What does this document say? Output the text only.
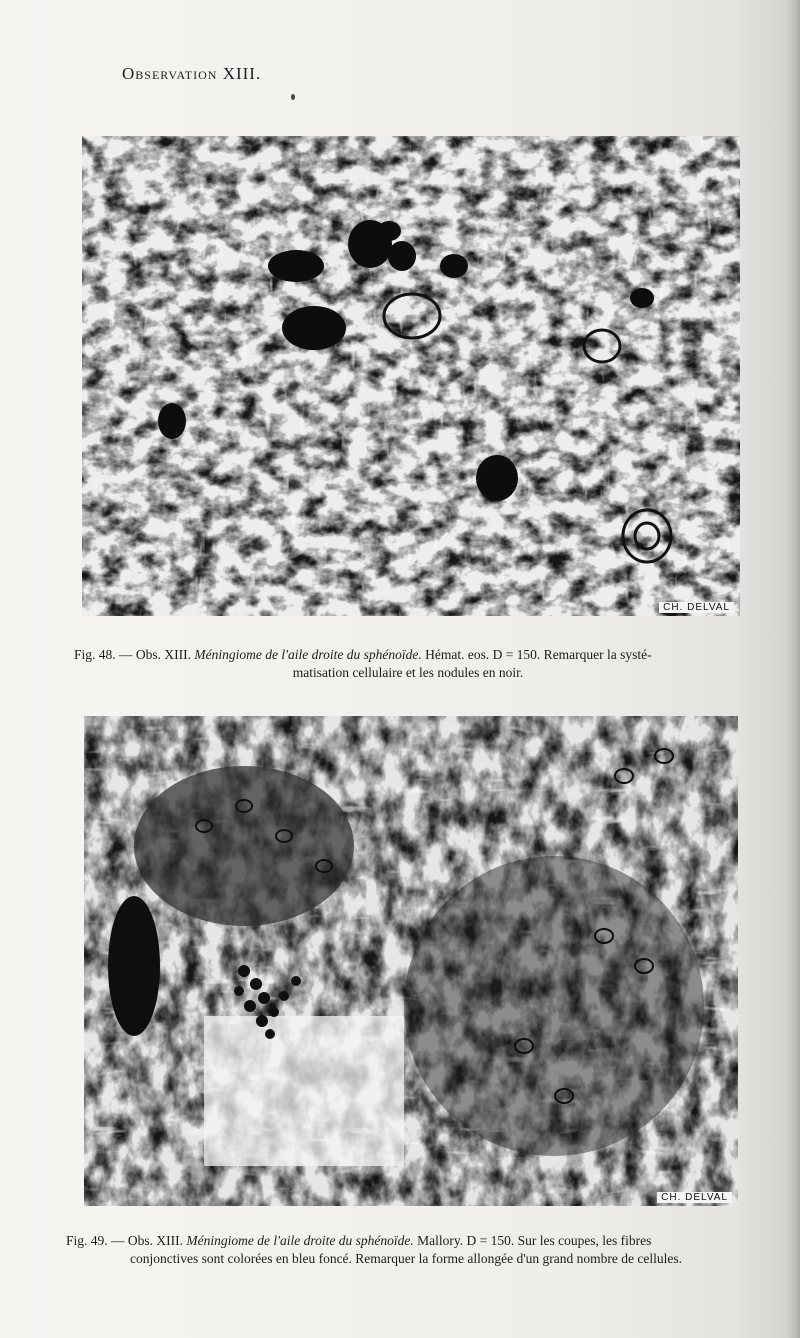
Observation XIII.
CH. DELVAL
Fig. 48. — Obs. XIII. Méningiome de l'aile droite du sphénoïde. Hémat. eos. D = 150. Remarquer la systé-
matisation cellulaire et les nodules en noir.
CH. DELVAL
Fig. 49. — Obs. XIII. Méningiome de l'aile droite du sphénoïde. Mallory. D = 150. Sur les coupes, les fibres
conjonctives sont colorées en bleu foncé. Remarquer la forme allongée d'un grand nombre de cellules.
